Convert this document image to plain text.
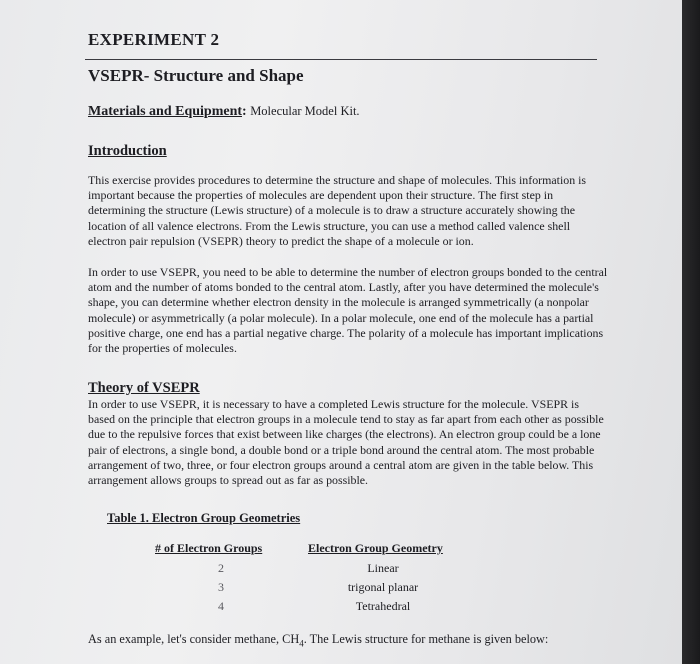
EXPERIMENT 2

VSEPR- Structure and Shape

Materials and Equipment: Molecular Model Kit.

Introduction

This exercise provides procedures to determine the structure and shape of molecules. This information is important because the properties of molecules are dependent upon their structure. The first step in determining the structure (Lewis structure) of a molecule is to draw a structure accurately showing the location of all valence electrons. From the Lewis structure, you can use a method called valence shell electron pair repulsion (VSEPR) theory to predict the shape of a molecule or ion.

In order to use VSEPR, you need to be able to determine the number of electron groups bonded to the central atom and the number of atoms bonded to the central atom. Lastly, after you have determined the molecule's shape, you can determine whether electron density in the molecule is arranged symmetrically (a nonpolar molecule) or asymmetrically (a polar molecule). In a polar molecule, one end of the molecule has a partial positive charge, one end has a partial negative charge. The polarity of a molecule has important implications for the properties of molecules.

Theory of VSEPR

In order to use VSEPR, it is necessary to have a completed Lewis structure for the molecule. VSEPR is based on the principle that electron groups in a molecule tend to stay as far apart from each other as possible due to the repulsive forces that exist between like charges (the electrons). An electron group could be a lone pair of electrons, a single bond, a double bond or a triple bond around the central atom. The most probable arrangement of two, three, or four electron groups around a central atom are given in the table below. This arrangement allows groups to spread out as far as possible.

Table 1. Electron Group Geometries

# of Electron Groups
2
3
4
Electron Group Geometry
Linear
trigonal planar
Tetrahedral

As an example, let's consider methane, $CH_4$. The Lewis structure for methane is given below:
